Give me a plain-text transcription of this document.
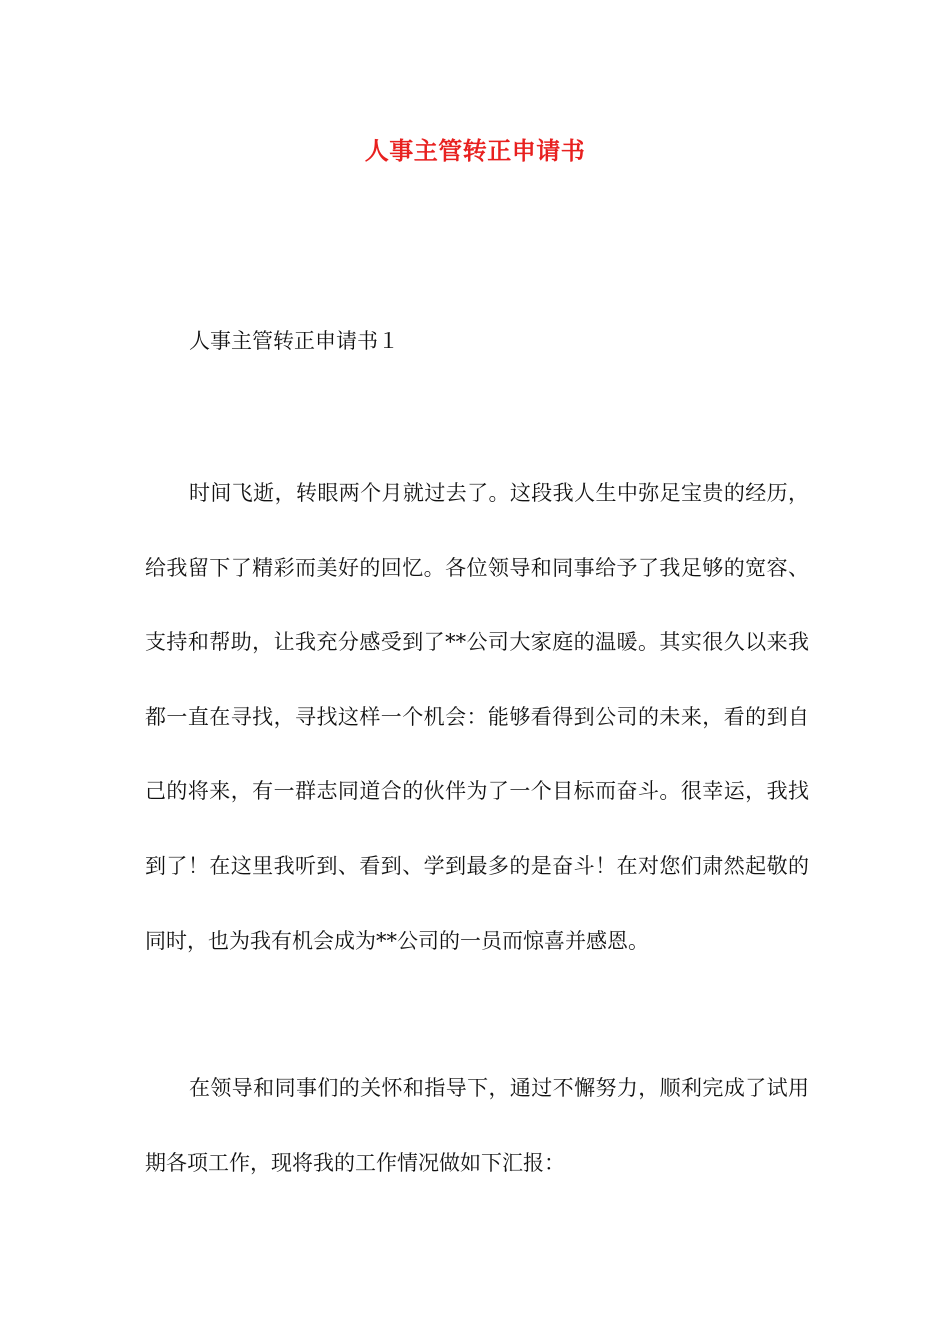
人事主管转正申请书
人事主管转正申请书１

时间飞逝，转眼两个月就过去了。这段我人生中弥足宝贵的经历，给我留下了精彩而美好的回忆。各位领导和同事给予了我足够的宽容、支持和帮助，让我充分感受到了**公司大家庭的温暖。其实很久以来我都一直在寻找，寻找这样一个机会：能够看得到公司的未来，看的到自己的将来，有一群志同道合的伙伴为了一个目标而奋斗。很幸运，我找到了！在这里我听到、看到、学到最多的是奋斗！在对您们肃然起敬的同时，也为我有机会成为**公司的一员而惊喜并感恩。

在领导和同事们的关怀和指导下，通过不懈努力，顺利完成了试用期各项工作，现将我的工作情况做如下汇报：
